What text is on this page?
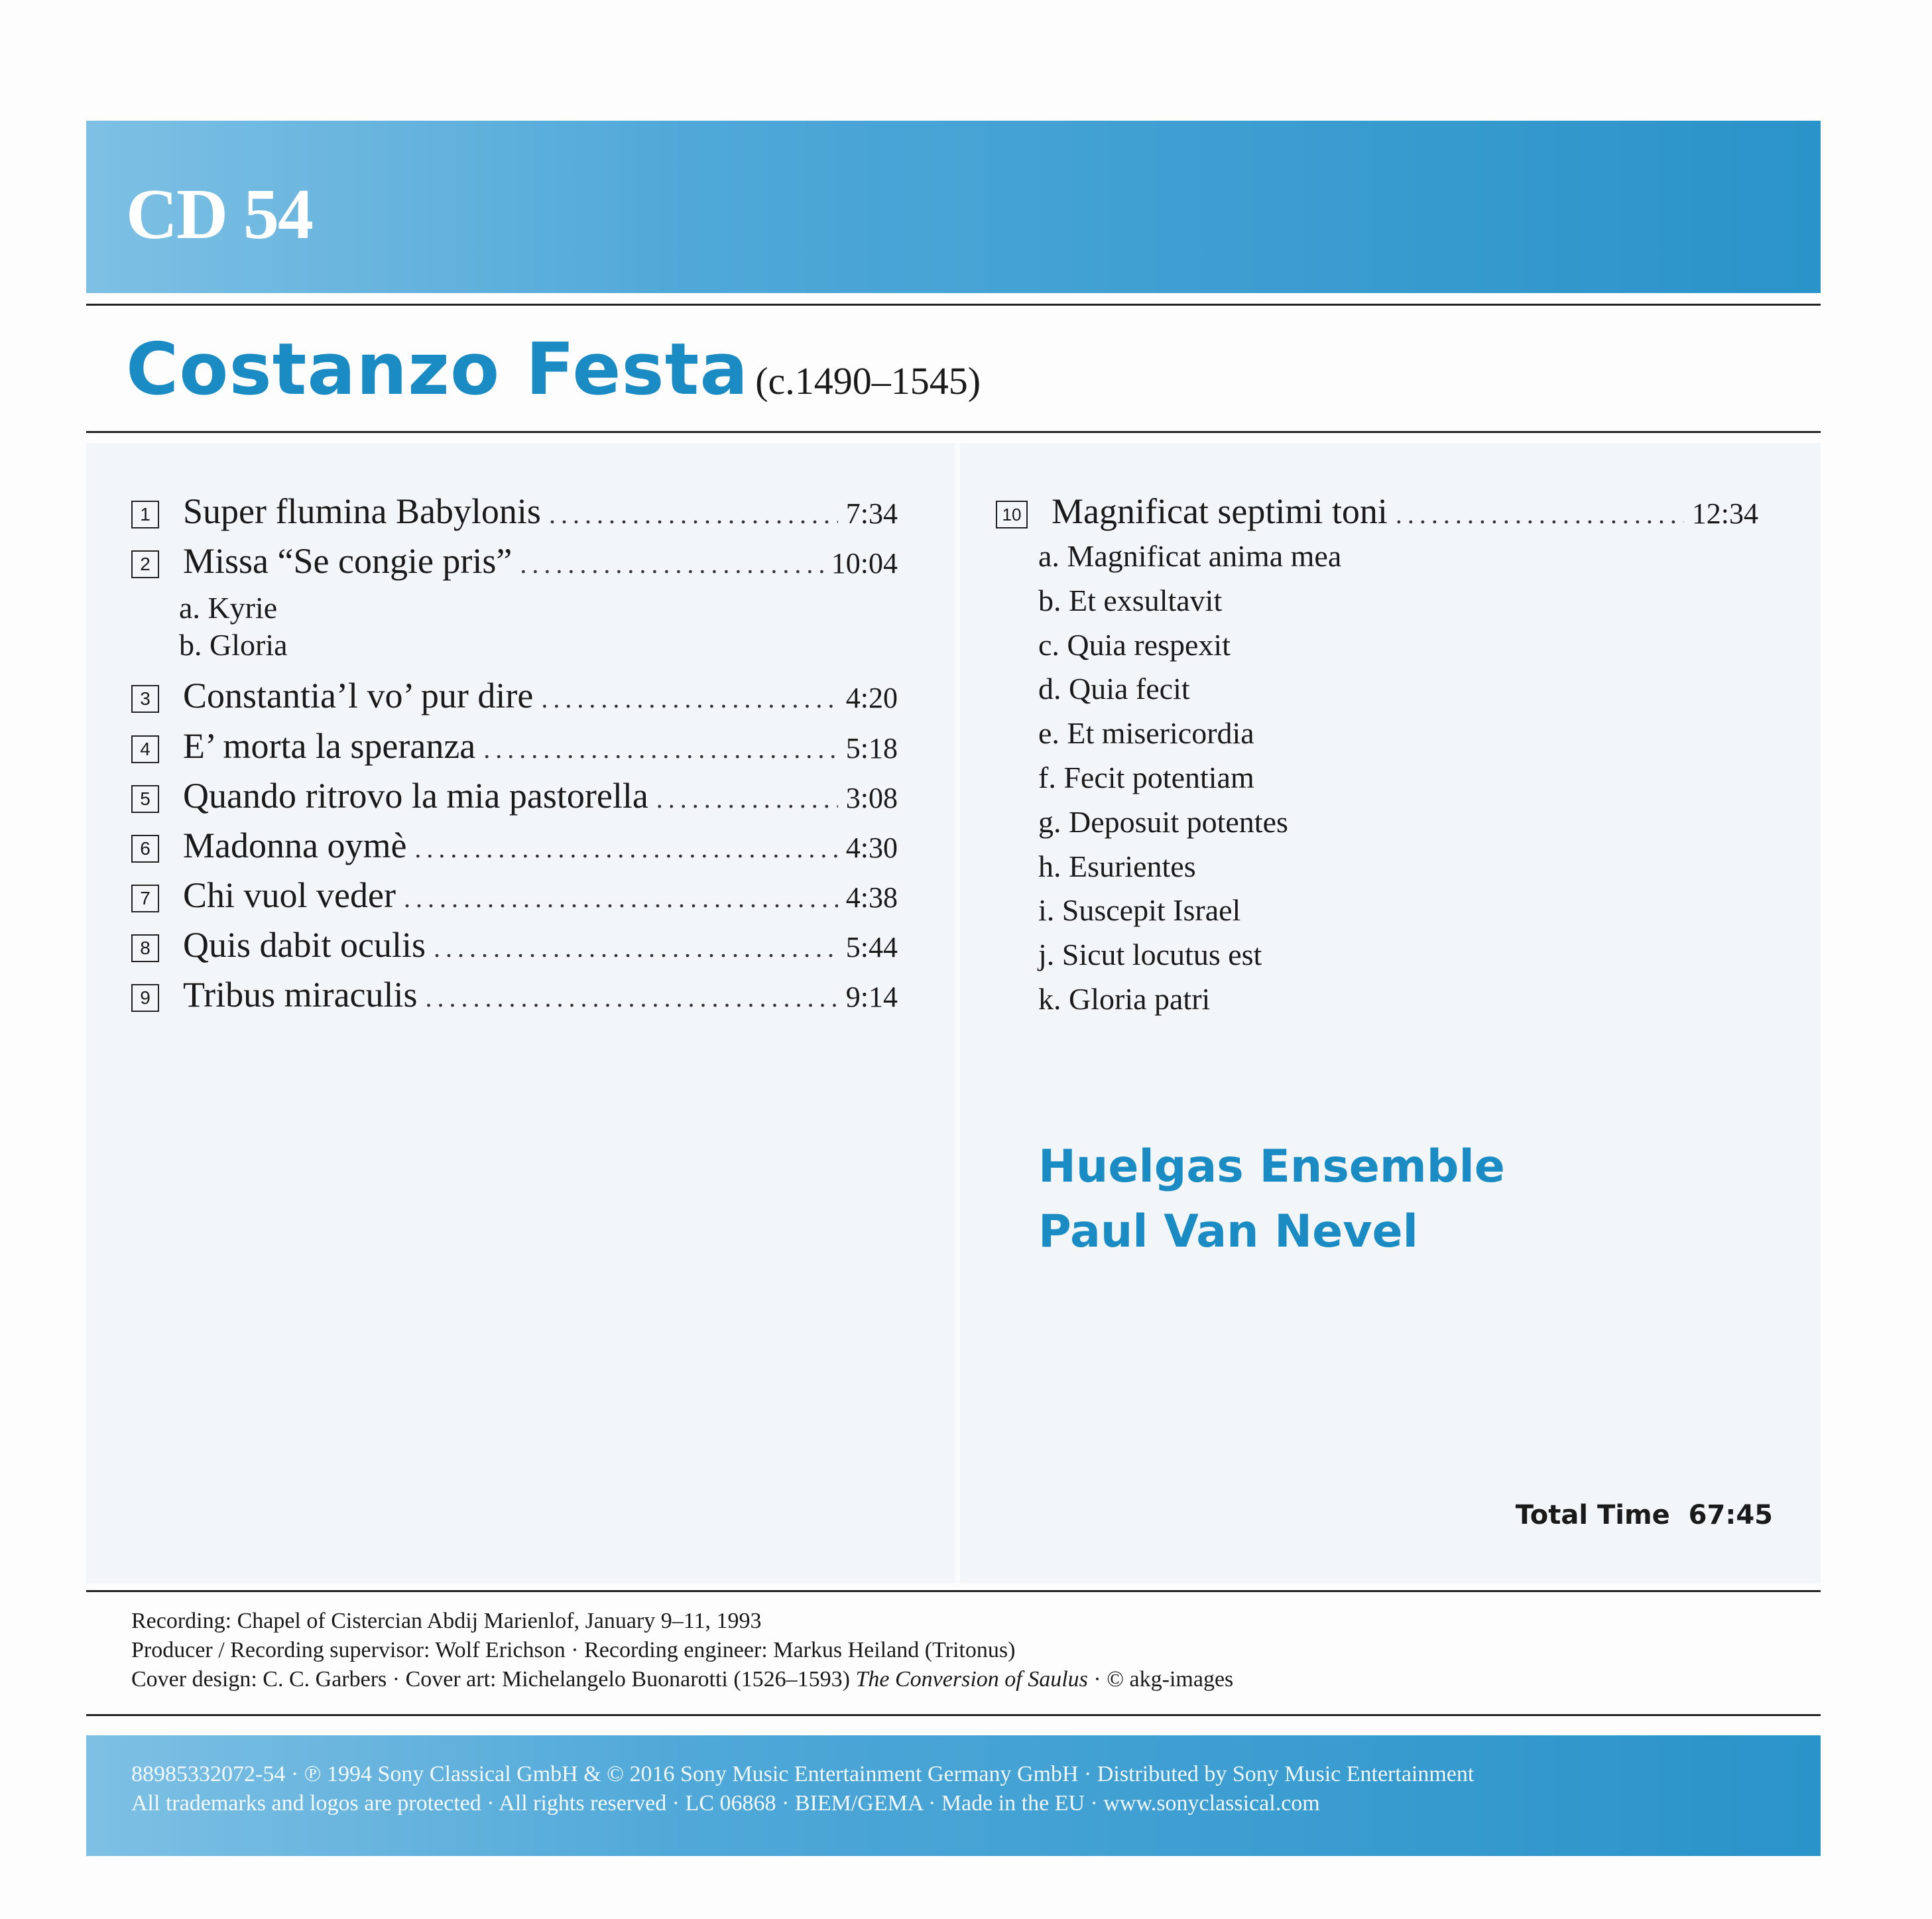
CD 54
Costanzo Festa (c.1490–1545)
1 Super flumina Babylonis .....	7:34
2 Missa “Se congie pris” .....	10:04
a. Kyrie
b. Gloria
3 Constantia’l vo’ pur dire .....	4:20
4 E’ morta la speranza .....	5:18
5 Quando ritrovo la mia pastorella .....	3:08
6 Madonna oymè .....	4:30
7 Chi vuol veder .....	4:38
8 Quis dabit oculis .....	5:44
9 Tribus miraculis .....	9:14
10 Magnificat septimi toni .....	12:34
a. Magnificat anima mea
b. Et exsultavit
c. Quia respexit
d. Quia fecit
e. Et misericordia
f. Fecit potentiam
g. Deposuit potentes
h. Esurientes
i. Suscepit Israel
j. Sicut locutus est
k. Gloria patri
Huelgas Ensemble
Paul Van Nevel
Total Time 67:45
Recording: Chapel of Cistercian Abdij Marienlof, January 9–11, 1993
Producer / Recording supervisor: Wolf Erichson · Recording engineer: Markus Heiland (Tritonus)
Cover design: C. C. Garbers · Cover art: Michelangelo Buonarotti (1526–1593) The Conversion of Saulus · © akg-images
88985332072-54 · ℗ 1994 Sony Classical GmbH & © 2016 Sony Music Entertainment Germany GmbH · Distributed by Sony Music Entertainment
All trademarks and logos are protected · All rights reserved · LC 06868 · BIEM/GEMA · Made in the EU · www.sonyclassical.com
